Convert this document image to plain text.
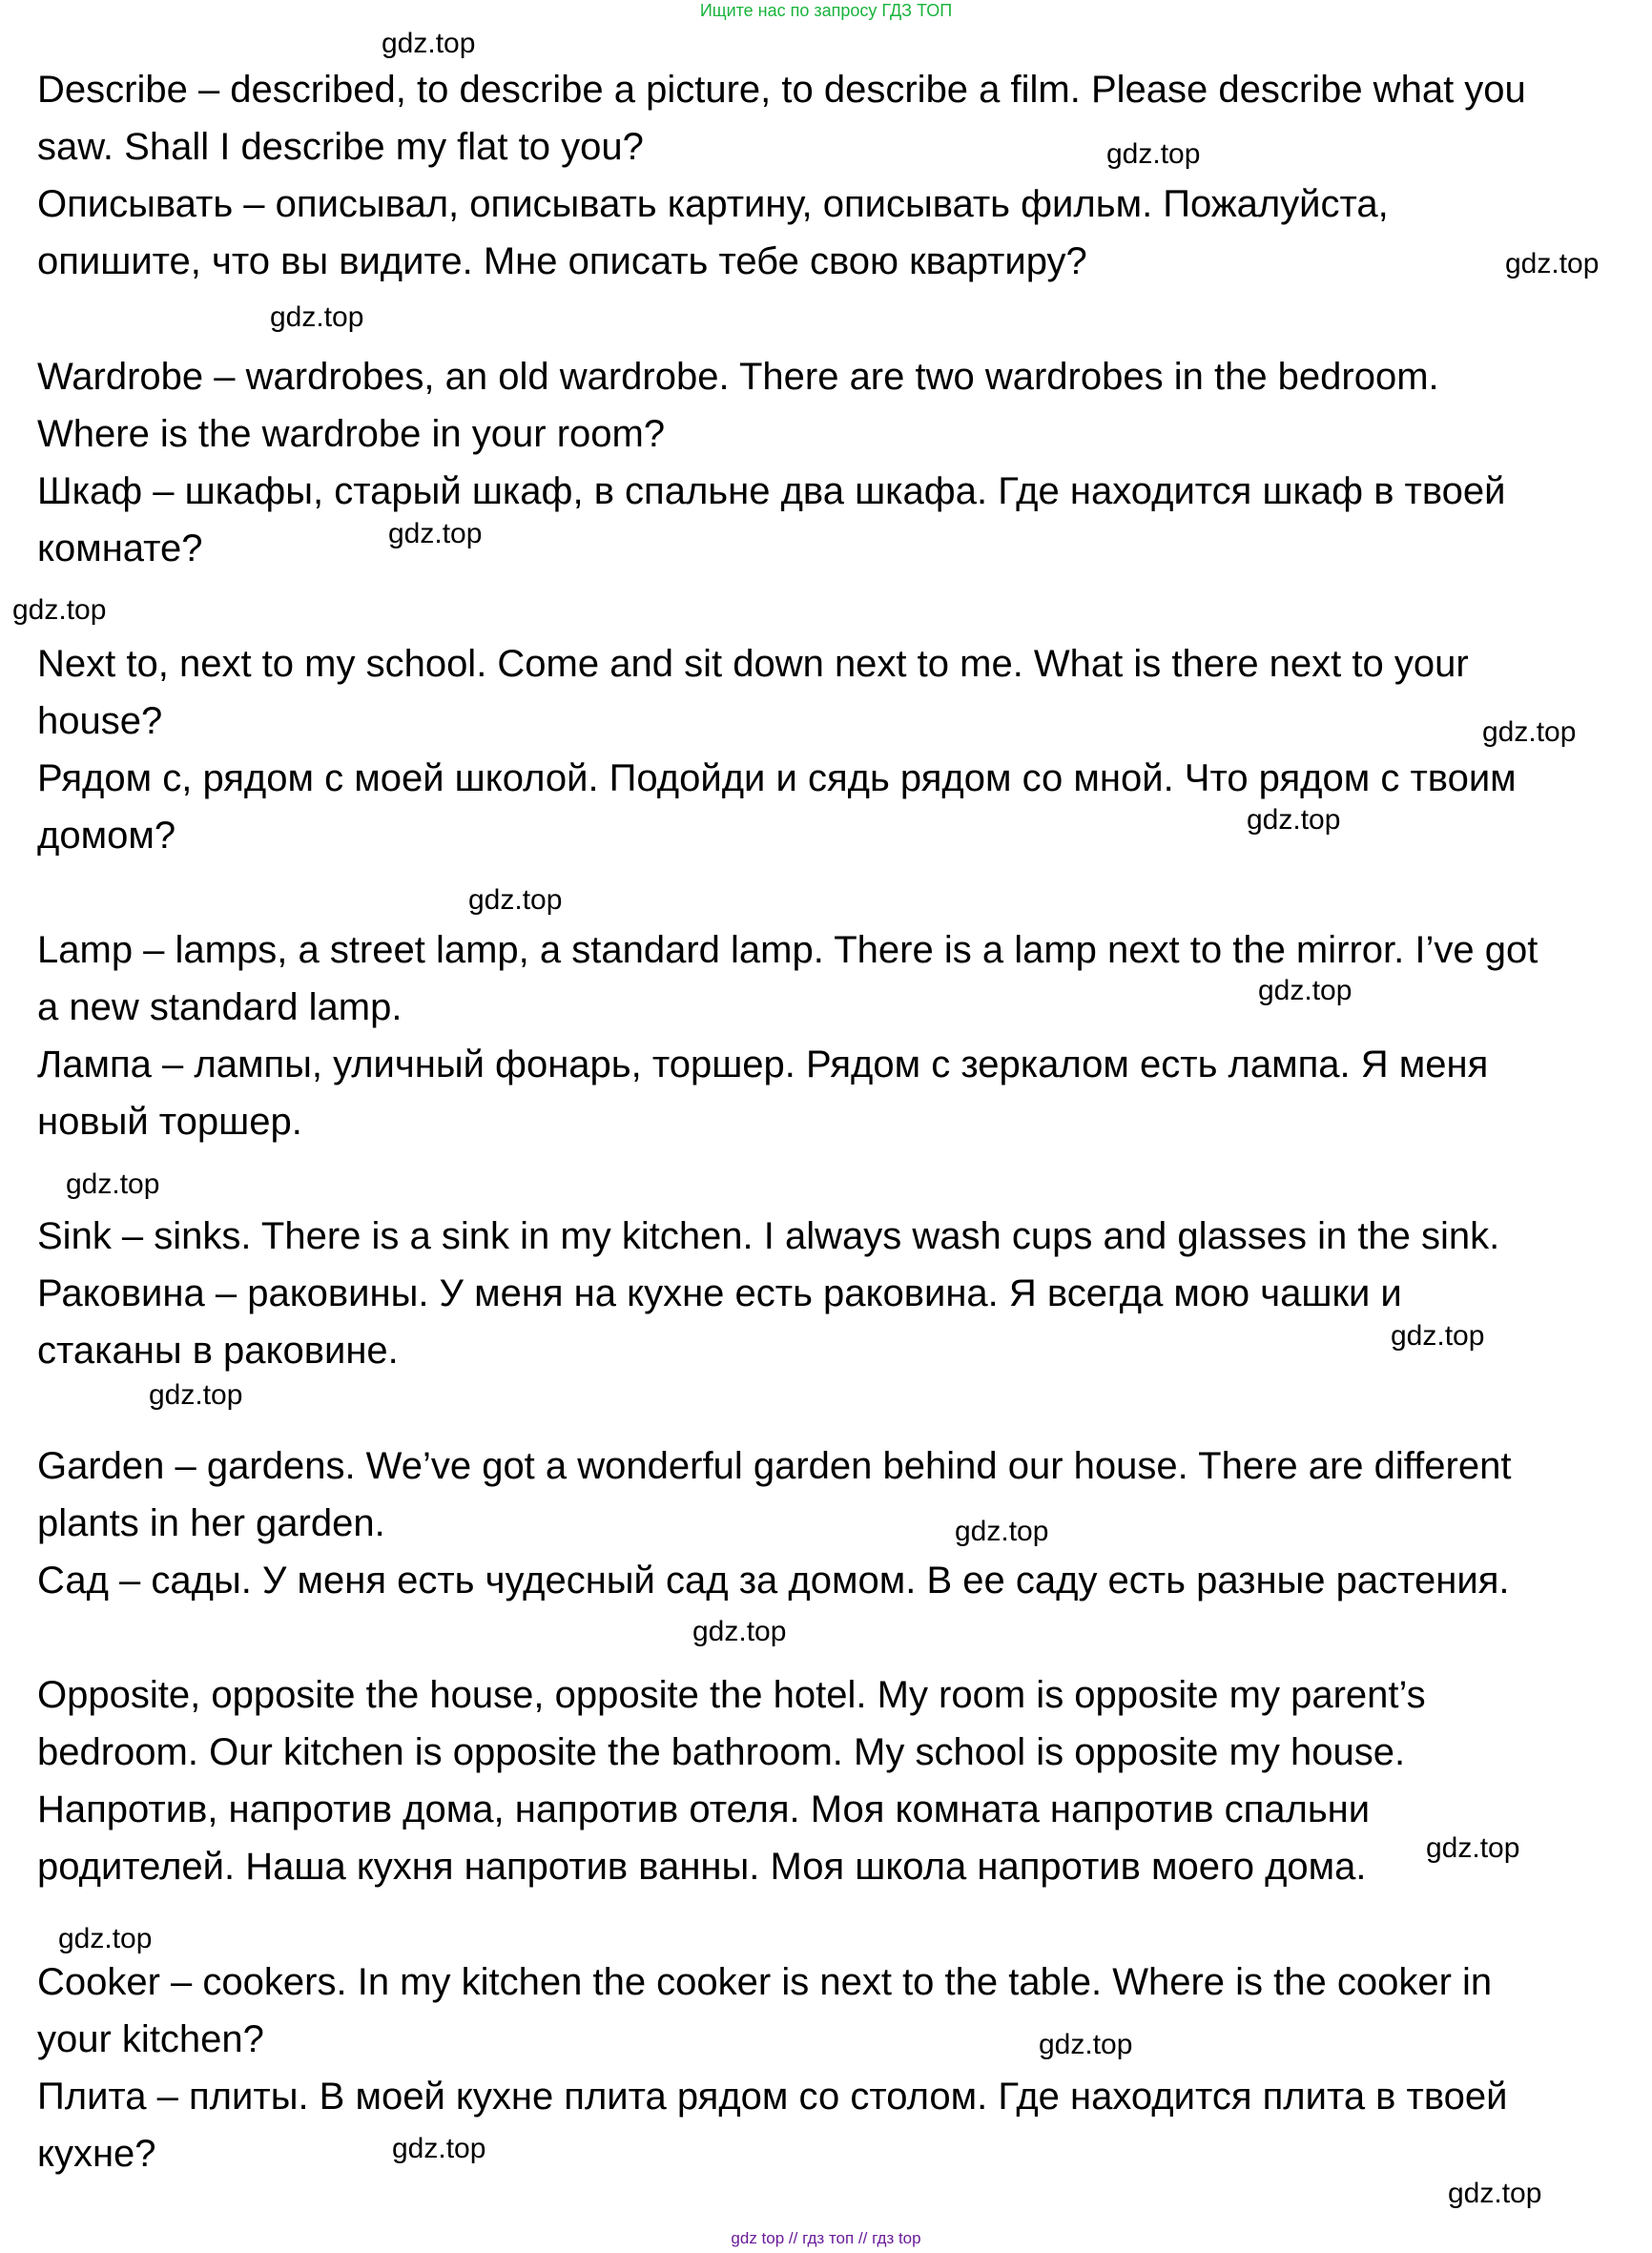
Ищите нас по запросу ГДЗ ТОП
Describe – described, to describe a picture, to describe a film. Please describe what you
saw. Shall I describe my flat to you?
Описывать – описывал, описывать картину, описывать фильм. Пожалуйста,
опишите, что вы видите. Мне описать тебе свою квартиру?
Wardrobe – wardrobes, an old wardrobe. There are two wardrobes in the bedroom.
Where is the wardrobe in your room?
Шкаф – шкафы, старый шкаф, в спальне два шкафа. Где находится шкаф в твоей
комнате?
Next to, next to my school. Come and sit down next to me. What is there next to your
house?
Рядом с, рядом с моей школой. Подойди и сядь рядом со мной. Что рядом с твоим
домом?
Lamp – lamps, a street lamp, a standard lamp. There is a lamp next to the mirror. I’ve got
a new standard lamp.
Лампа – лампы, уличный фонарь, торшер. Рядом с зеркалом есть лампа. Я меня
новый торшер.
Sink – sinks. There is a sink in my kitchen. I always wash cups and glasses in the sink.
Раковина – раковины. У меня на кухне есть раковина. Я всегда мою чашки и
стаканы в раковине.
Garden – gardens. We’ve got a wonderful garden behind our house. There are different
plants in her garden.
Сад – сады. У меня есть чудесный сад за домом. В ее саду есть разные растения.
Opposite, opposite the house, opposite the hotel. My room is opposite my parent’s
bedroom. Our kitchen is opposite the bathroom. My school is opposite my house.
Напротив, напротив дома, напротив отеля. Моя комната напротив спальни
родителей. Наша кухня напротив ванны. Моя школа напротив моего дома.
Cooker – cookers. In my kitchen the cooker is next to the table. Where is the cooker in
your kitchen?
Плита – плиты. В моей кухне плита рядом со столом. Где находится плита в твоей
кухне?
gdz.top
gdz.top
gdz.top
gdz.top
gdz.top
gdz.top
gdz.top
gdz.top
gdz.top
gdz.top
gdz.top
gdz.top
gdz.top
gdz.top
gdz.top
gdz.top
gdz.top
gdz.top
gdz.top
gdz.top
gdz top // гдз топ // гдз top
